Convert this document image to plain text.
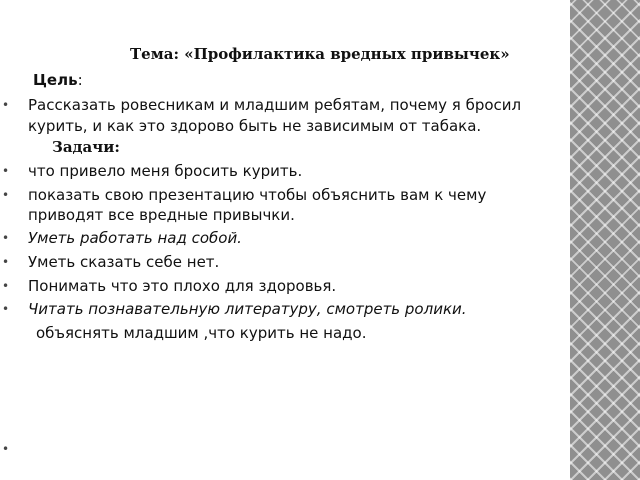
Тема: «Профилактика вредных привычек»
Цель:
• Рассказать ровесникам и младшим ребятам, почему я бросил
курить, и как это здорово быть не зависимым от табака.
Задачи:
• что привело меня бросить курить.
• показать свою презентацию чтобы объяснить вам к чему
приводят все вредные привычки.
• Уметь работать над собой.
• Уметь сказать себе нет.
• Понимать что это плохо для здоровья.
• Читать познавательную литературу, смотреть ролики.
объяснять младшим ,что курить не надо.
•
